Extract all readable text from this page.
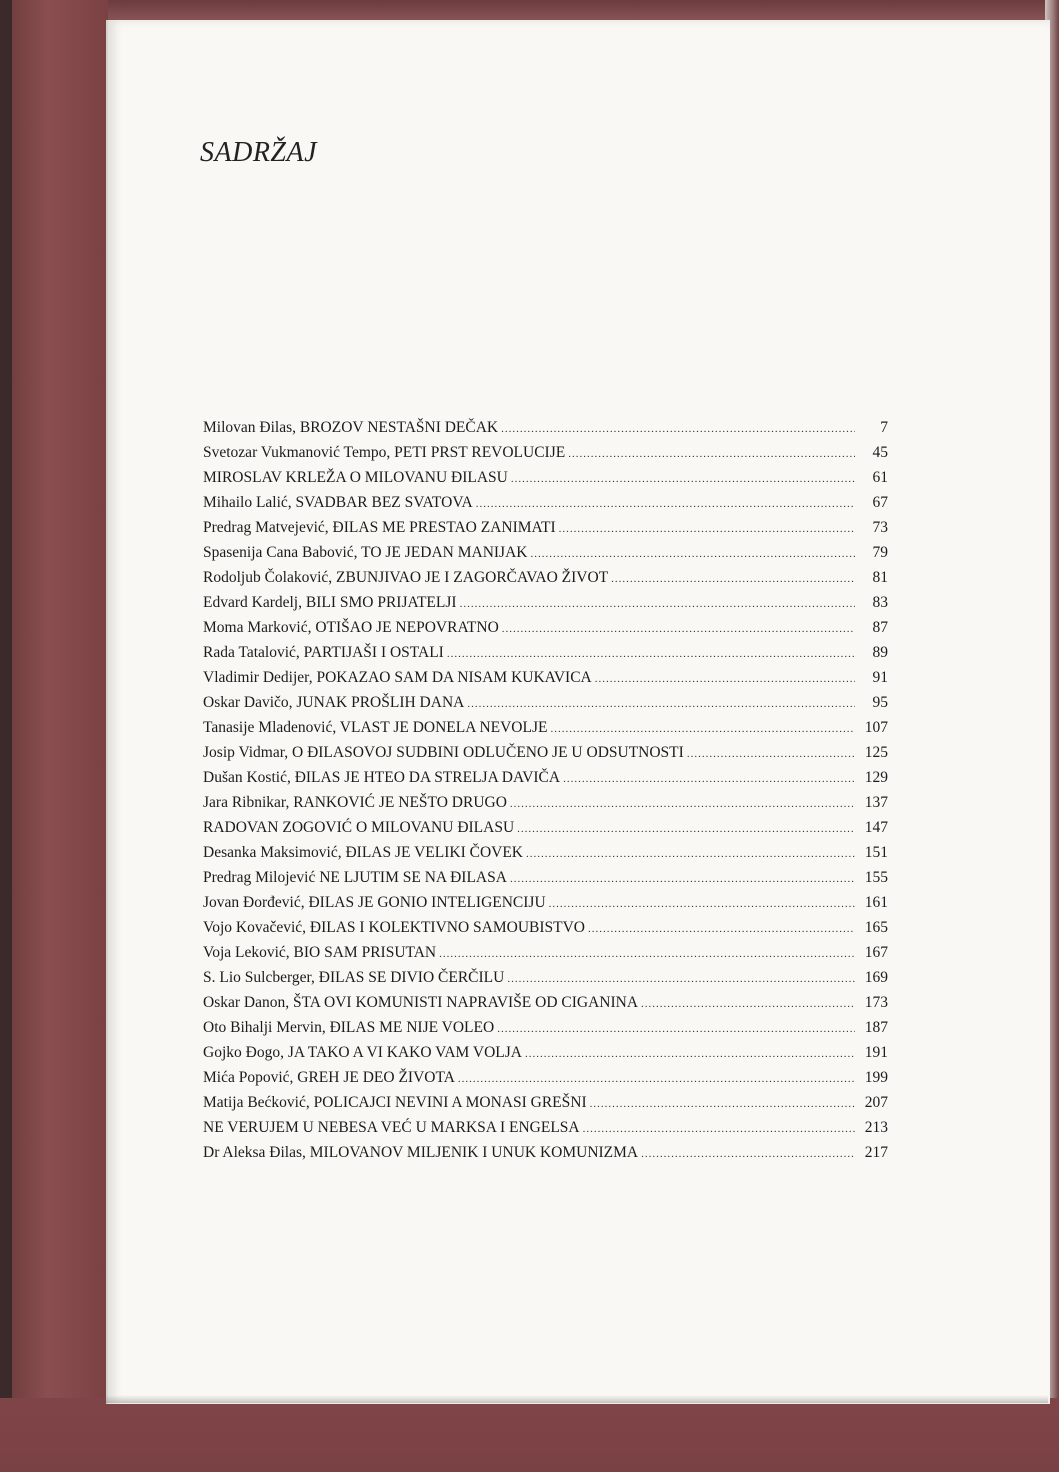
SADRŽAJ
Milovan Đilas, BROZOV NESTAŠNI DEČAK .....	7
Svetozar Vukmanović Tempo, PETI PRST REVOLUCIJE .....	45
MIROSLAV KRLEŽA O MILOVANU ĐILASU .....	61
Mihailo Lalić, SVADBAR BEZ SVATOVA .....	67
Predrag Matvejević, ĐILAS ME PRESTAO ZANIMATI .....	73
Spasenija Cana Babović, TO JE JEDAN MANIJAK .....	79
Rodoljub Čolaković, ZBUNJIVAO JE I ZAGORČAVAO ŽIVOT .....	81
Edvard Kardelj, BILI SMO PRIJATELJI .....	83
Moma Marković, OTIŠAO JE NEPOVRATNO .....	87
Rada Tatalović, PARTIJAŠI I OSTALI .....	89
Vladimir Dedijer, POKAZAO SAM DA NISAM KUKAVICA .....	91
Oskar Davičo, JUNAK PROŠLIH DANA .....	95
Tanasije Mladenović, VLAST JE DONELA NEVOLJE .....	107
Josip Vidmar, O ĐILASOVOJ SUDBINI ODLUČENO JE U ODSUTNOSTI .....	125
Dušan Kostić, ĐILAS JE HTEO DA STRELJA DAVIČA .....	129
Jara Ribnikar, RANKOVIĆ JE NEŠTO DRUGO .....	137
RADOVAN ZOGOVIĆ O MILOVANU ĐILASU .....	147
Desanka Maksimović, ĐILAS JE VELIKI ČOVEK .....	151
Predrag Milojević NE LJUTIM SE NA ĐILASA .....	155
Jovan Đorđević, ĐILAS JE GONIO INTELIGENCIJU .....	161
Vojo Kovačević, ĐILAS I KOLEKTIVNO SAMOUBISTVO .....	165
Voja Leković, BIO SAM PRISUTAN .....	167
S. Lio Sulcberger, ĐILAS SE DIVIO ČERČILU .....	169
Oskar Danon, ŠTA OVI KOMUNISTI NAPRAVIŠE OD CIGANINA .....	173
Oto Bihalji Mervin, ĐILAS ME NIJE VOLEO .....	187
Gojko Đogo, JA TAKO A VI KAKO VAM VOLJA .....	191
Mića Popović, GREH JE DEO ŽIVOTA .....	199
Matija Bećković, POLICAJCI NEVINI A MONASI GREŠNI .....	207
NE VERUJEM U NEBESA VEĆ U MARKSA I ENGELSA .....	213
Dr Aleksa Đilas, MILOVANOV MILJENIK I UNUK KOMUNIZMA .....	217
